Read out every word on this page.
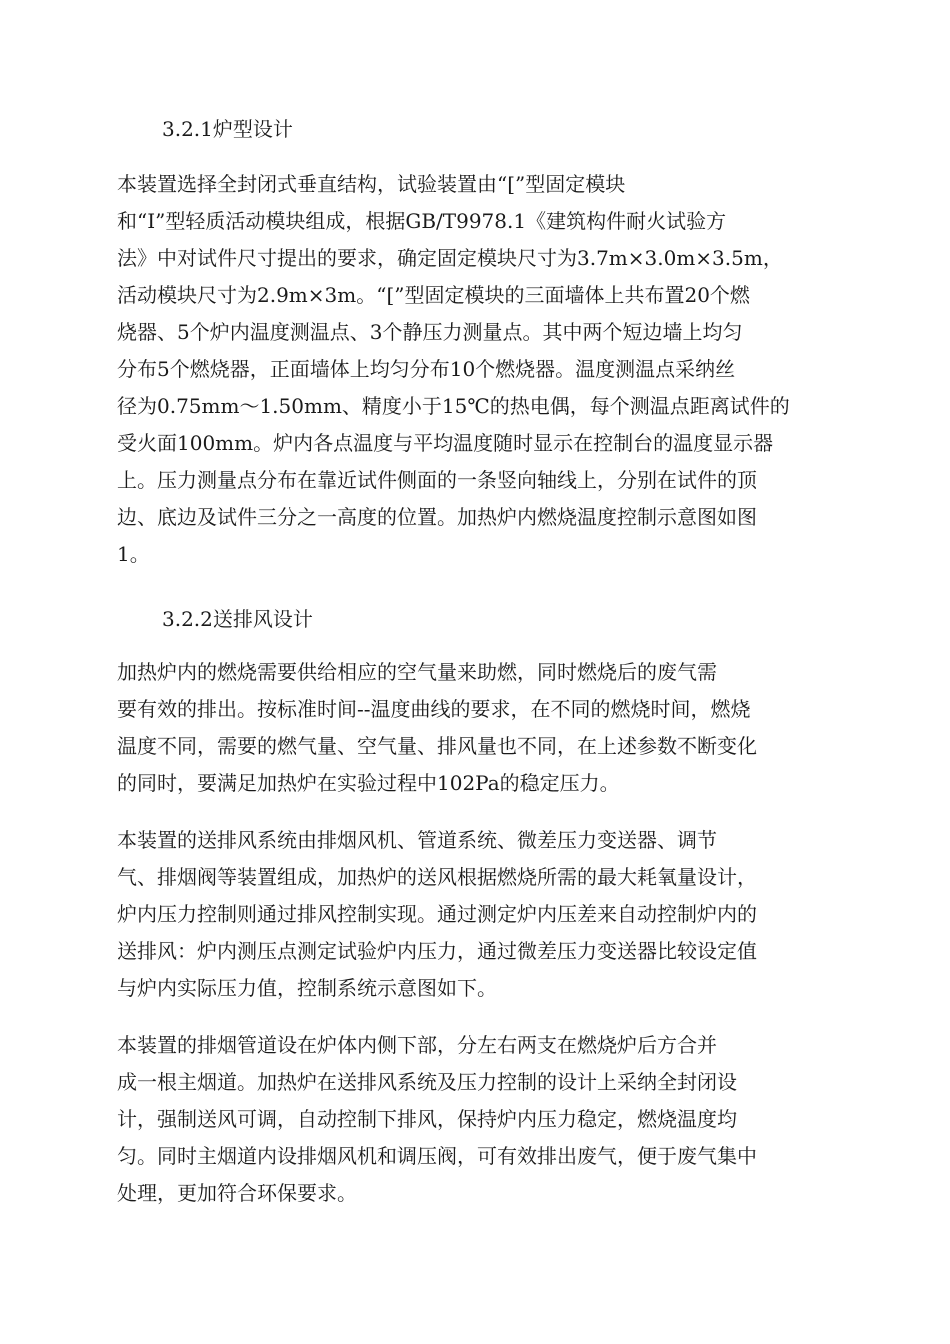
3.2.1炉型设计

本装置选择全封闭式垂直结构，试验装置由“[”型固定模块
和“I”型轻质活动模块组成，根据GB/T9978.1《建筑构件耐火试验方
法》中对试件尺寸提出的要求，确定固定模块尺寸为3.7m×3.0m×3.5m，
活动模块尺寸为2.9m×3m。“[”型固定模块的三面墙体上共布置20个燃
烧器、5个炉内温度测温点、3个静压力测量点。其中两个短边墙上均匀
分布5个燃烧器，正面墙体上均匀分布10个燃烧器。温度测温点采纳丝
径为0.75mm～1.50mm、精度小于15℃的热电偶，每个测温点距离试件的
受火面100mm。炉内各点温度与平均温度随时显示在控制台的温度显示器
上。压力测量点分布在靠近试件侧面的一条竖向轴线上，分别在试件的顶
边、底边及试件三分之一高度的位置。加热炉内燃烧温度控制示意图如图
1。

3.2.2送排风设计

加热炉内的燃烧需要供给相应的空气量来助燃，同时燃烧后的废气需
要有效的排出。按标准时间--温度曲线的要求，在不同的燃烧时间，燃烧
温度不同，需要的燃气量、空气量、排风量也不同，在上述参数不断变化
的同时，要满足加热炉在实验过程中102Pa的稳定压力。

本装置的送排风系统由排烟风机、管道系统、微差压力变送器、调节
气、排烟阀等装置组成，加热炉的送风根据燃烧所需的最大耗氧量设计，
炉内压力控制则通过排风控制实现。通过测定炉内压差来自动控制炉内的
送排风：炉内测压点测定试验炉内压力，通过微差压力变送器比较设定值
与炉内实际压力值，控制系统示意图如下。

本装置的排烟管道设在炉体内侧下部，分左右两支在燃烧炉后方合并
成一根主烟道。加热炉在送排风系统及压力控制的设计上采纳全封闭设
计，强制送风可调，自动控制下排风，保持炉内压力稳定，燃烧温度均
匀。同时主烟道内设排烟风机和调压阀，可有效排出废气，便于废气集中
处理，更加符合环保要求。
